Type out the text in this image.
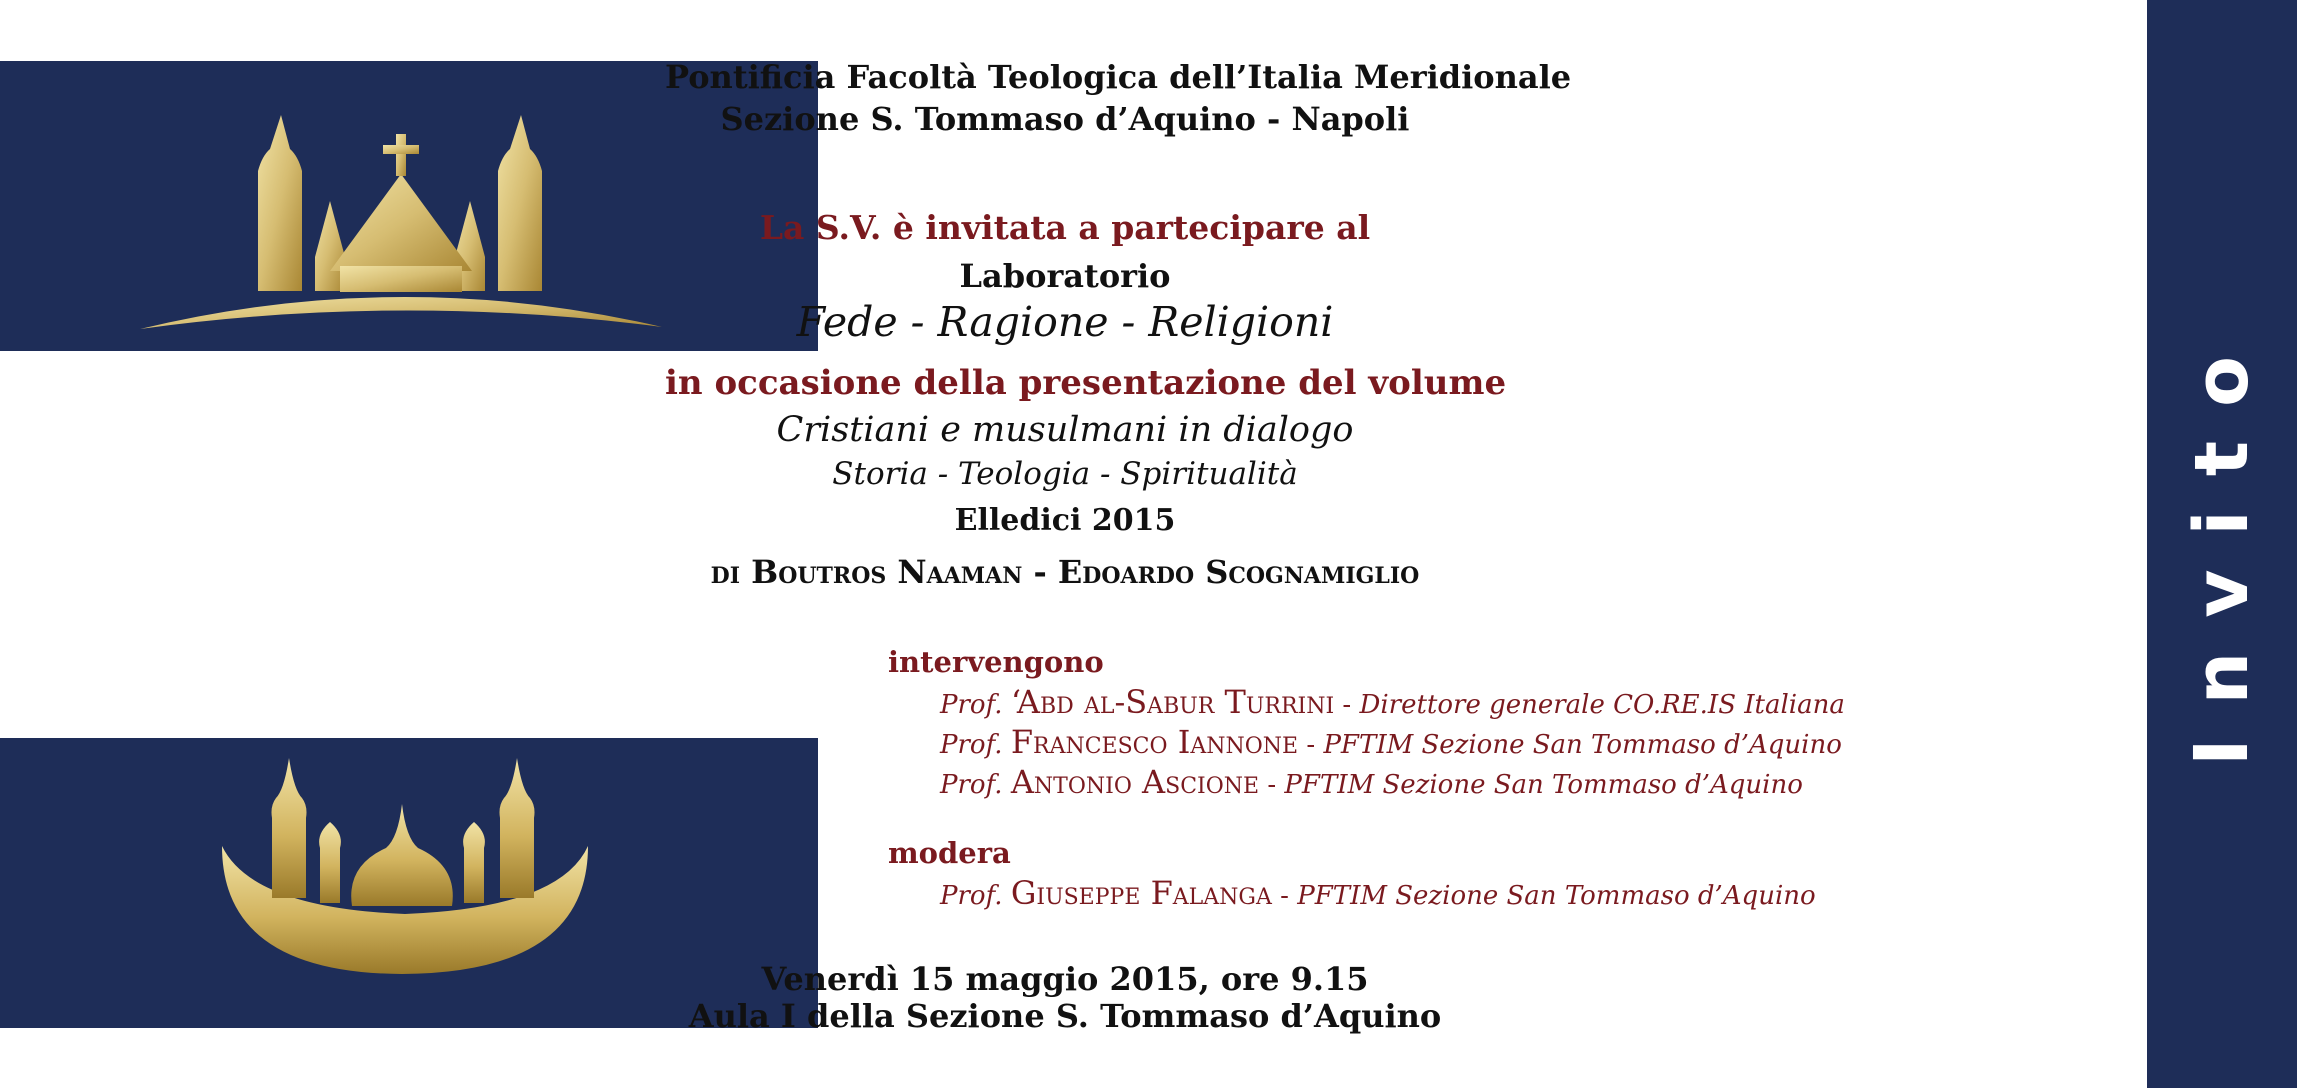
Invito
Pontificia Facoltà Teologica dell’Italia Meridionale
Sezione S. Tommaso d’Aquino - Napoli
La S.V. è invitata a partecipare al
Laboratorio
Fede - Ragione - Religioni
in occasione della presentazione del volume
Cristiani e musulmani in dialogo
Storia - Teologia - Spiritualità
Elledici 2015
di Boutros Naaman - Edoardo Scognamiglio
intervengono
Prof. ‘Abd al-Sabur Turrini - Direttore generale CO.RE.IS Italiana
Prof. Francesco Iannone - PFTIM Sezione San Tommaso d’Aquino
Prof. Antonio Ascione - PFTIM Sezione San Tommaso d’Aquino
modera
Prof. Giuseppe Falanga - PFTIM Sezione San Tommaso d’Aquino
Venerdì 15 maggio 2015, ore 9.15
Aula I della Sezione S. Tommaso d’Aquino
